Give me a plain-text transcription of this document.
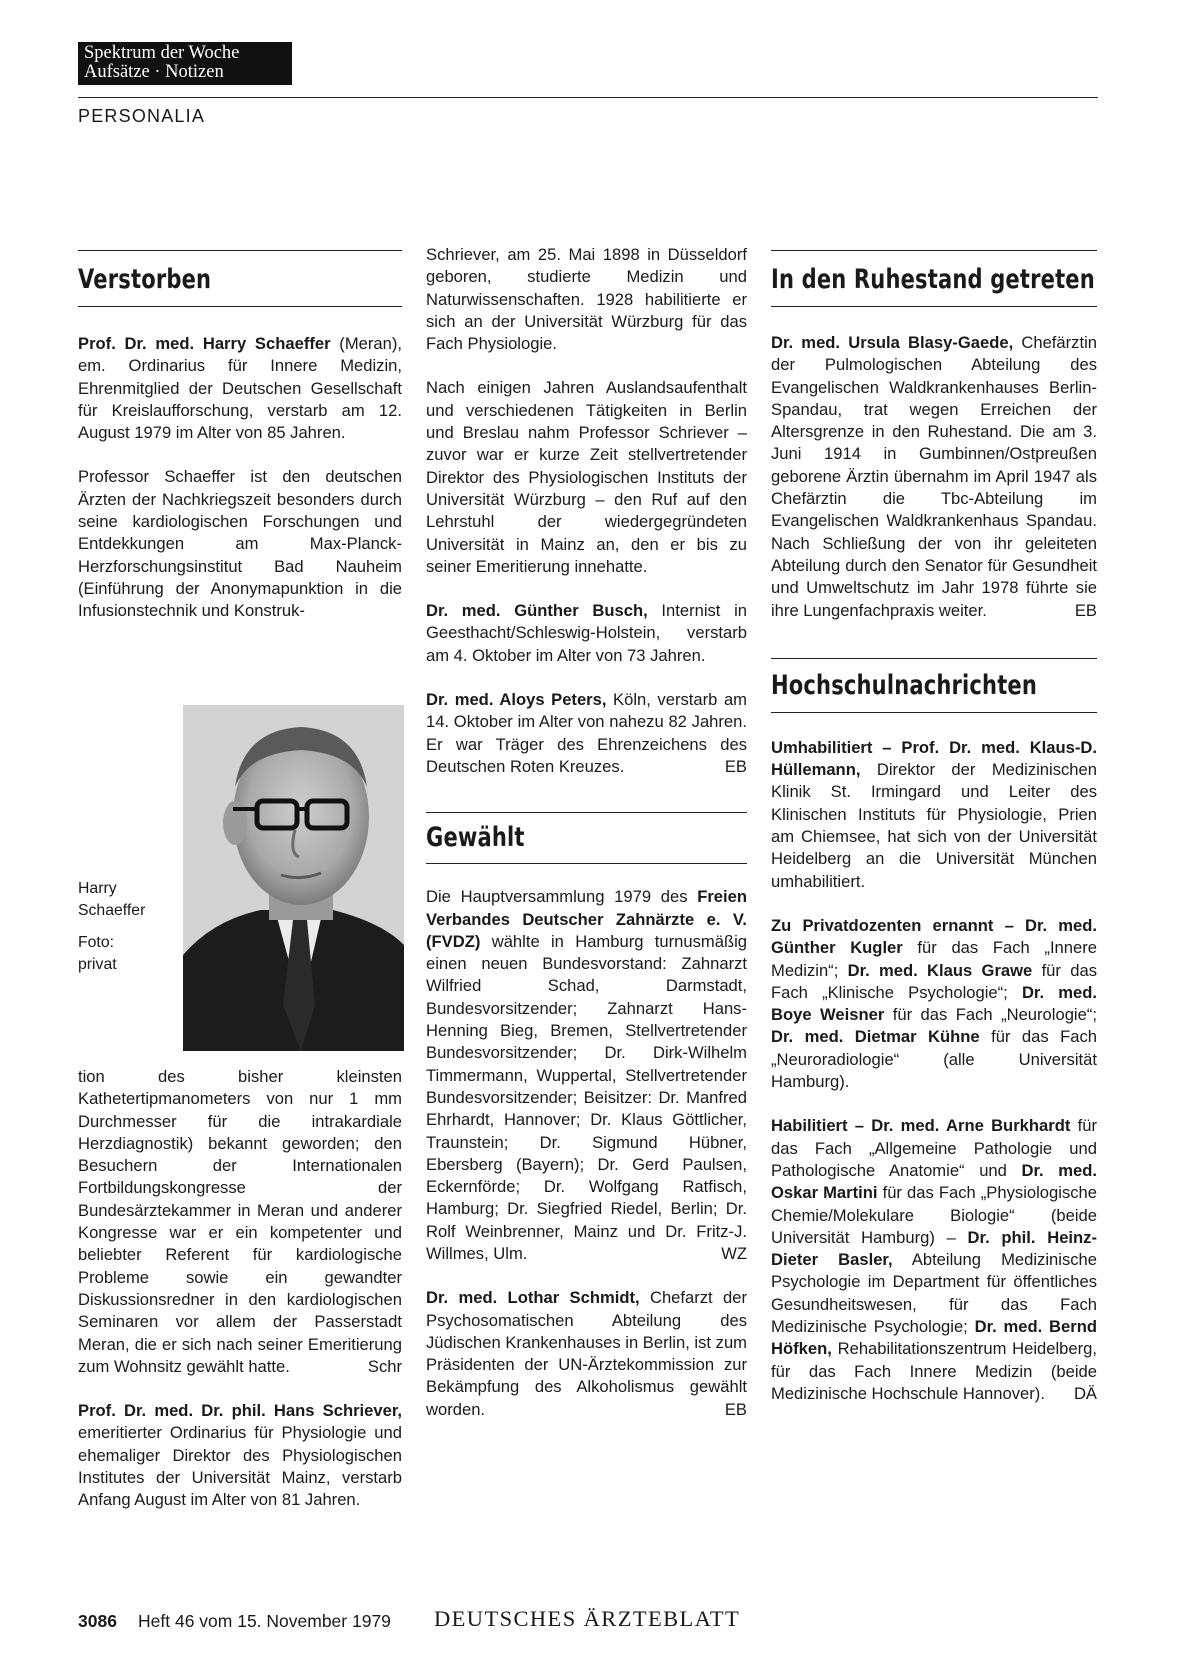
Spektrum der Woche
Aufsätze · Notizen
PERSONALIA
Verstorben

Prof. Dr. med. Harry Schaeffer (Meran), em. Ordinarius für Innere Medizin, Ehrenmitglied der Deutschen Gesellschaft für Kreislaufforschung, verstarb am 12. August 1979 im Alter von 85 Jahren.

Professor Schaeffer ist den deutschen Ärzten der Nachkriegszeit besonders durch seine kardiologischen Forschungen und Entdekkungen am Max-Planck-Herzforschungsinstitut Bad Nauheim (Einführung der Anonymapunktion in die Infusionstechnik und Konstruk-

Harry
Schaeffer
Foto:
privat

tion des bisher kleinsten Kathetertipmanometers von nur 1 mm Durchmesser für die intrakardiale Herzdiagnostik) bekannt geworden; den Besuchern der Internationalen Fortbildungskongresse der Bundesärztekammer in Meran und anderer Kongresse war er ein kompetenter und beliebter Referent für kardiologische Probleme sowie ein gewandter Diskussionsredner in den kardiologischen Seminaren vor allem der Passerstadt Meran, die er sich nach seiner Emeritierung zum Wohnsitz gewählt hatte.	Schr

Prof. Dr. med. Dr. phil. Hans Schriever, emeritierter Ordinarius für Physiologie und ehemaliger Direktor des Physiologischen Institutes der Universität Mainz, verstarb Anfang August im Alter von 81 Jahren.

Schriever, am 25. Mai 1898 in Düsseldorf geboren, studierte Medizin und Naturwissenschaften. 1928 habilitierte er sich an der Universität Würzburg für das Fach Physiologie.

Nach einigen Jahren Auslandsaufenthalt und verschiedenen Tätigkeiten in Berlin und Breslau nahm Professor Schriever – zuvor war er kurze Zeit stellvertretender Direktor des Physiologischen Instituts der Universität Würzburg – den Ruf auf den Lehrstuhl der wiedergegründeten Universität in Mainz an, den er bis zu seiner Emeritierung innehatte.

Dr. med. Günther Busch, Internist in Geesthacht/Schleswig-Holstein, verstarb am 4. Oktober im Alter von 73 Jahren.

Dr. med. Aloys Peters, Köln, verstarb am 14. Oktober im Alter von nahezu 82 Jahren. Er war Träger des Ehrenzeichens des Deutschen Roten Kreuzes.	EB

Gewählt

Die Hauptversammlung 1979 des Freien Verbandes Deutscher Zahnärzte e. V. (FVDZ) wählte in Hamburg turnusmäßig einen neuen Bundesvorstand: Zahnarzt Wilfried Schad, Darmstadt, Bundesvorsitzender; Zahnarzt Hans-Henning Bieg, Bremen, Stellvertretender Bundesvorsitzender; Dr. Dirk-Wilhelm Timmermann, Wuppertal, Stellvertretender Bundesvorsitzender; Beisitzer: Dr. Manfred Ehrhardt, Hannover; Dr. Klaus Göttlicher, Traunstein; Dr. Sigmund Hübner, Ebersberg (Bayern); Dr. Gerd Paulsen, Eckernförde; Dr. Wolfgang Ratfisch, Hamburg; Dr. Siegfried Riedel, Berlin; Dr. Rolf Weinbrenner, Mainz und Dr. Fritz-J. Willmes, Ulm.	WZ

Dr. med. Lothar Schmidt, Chefarzt der Psychosomatischen Abteilung des Jüdischen Krankenhauses in Berlin, ist zum Präsidenten der UN-Ärztekommission zur Bekämpfung des Alkoholismus gewählt worden.	EB

In den Ruhestand getreten

Dr. med. Ursula Blasy-Gaede, Chefärztin der Pulmologischen Abteilung des Evangelischen Waldkrankenhauses Berlin-Spandau, trat wegen Erreichen der Altersgrenze in den Ruhestand. Die am 3. Juni 1914 in Gumbinnen/Ostpreußen geborene Ärztin übernahm im April 1947 als Chefärztin die Tbc-Abteilung im Evangelischen Waldkrankenhaus Spandau. Nach Schließung der von ihr geleiteten Abteilung durch den Senator für Gesundheit und Umweltschutz im Jahr 1978 führte sie ihre Lungenfachpraxis weiter.	EB

Hochschulnachrichten

Umhabilitiert – Prof. Dr. med. Klaus-D. Hüllemann, Direktor der Medizinischen Klinik St. Irmingard und Leiter des Klinischen Instituts für Physiologie, Prien am Chiemsee, hat sich von der Universität Heidelberg an die Universität München umhabilitiert.

Zu Privatdozenten ernannt – Dr. med. Günther Kugler für das Fach „Innere Medizin“; Dr. med. Klaus Grawe für das Fach „Klinische Psychologie“; Dr. med. Boye Weisner für das Fach „Neurologie“; Dr. med. Dietmar Kühne für das Fach „Neuroradiologie“ (alle Universität Hamburg).

Habilitiert – Dr. med. Arne Burkhardt für das Fach „Allgemeine Pathologie und Pathologische Anatomie“ und Dr. med. Oskar Martini für das Fach „Physiologische Chemie/Molekulare Biologie“ (beide Universität Hamburg) – Dr. phil. Heinz-Dieter Basler, Abteilung Medizinische Psychologie im Department für öffentliches Gesundheitswesen, für das Fach Medizinische Psychologie; Dr. med. Bernd Höfken, Rehabilitationszentrum Heidelberg, für das Fach Innere Medizin (beide Medizinische Hochschule Hannover). DÄ

3086 Heft 46 vom 15. November 1979 DEUTSCHES ÄRZTEBLATT
